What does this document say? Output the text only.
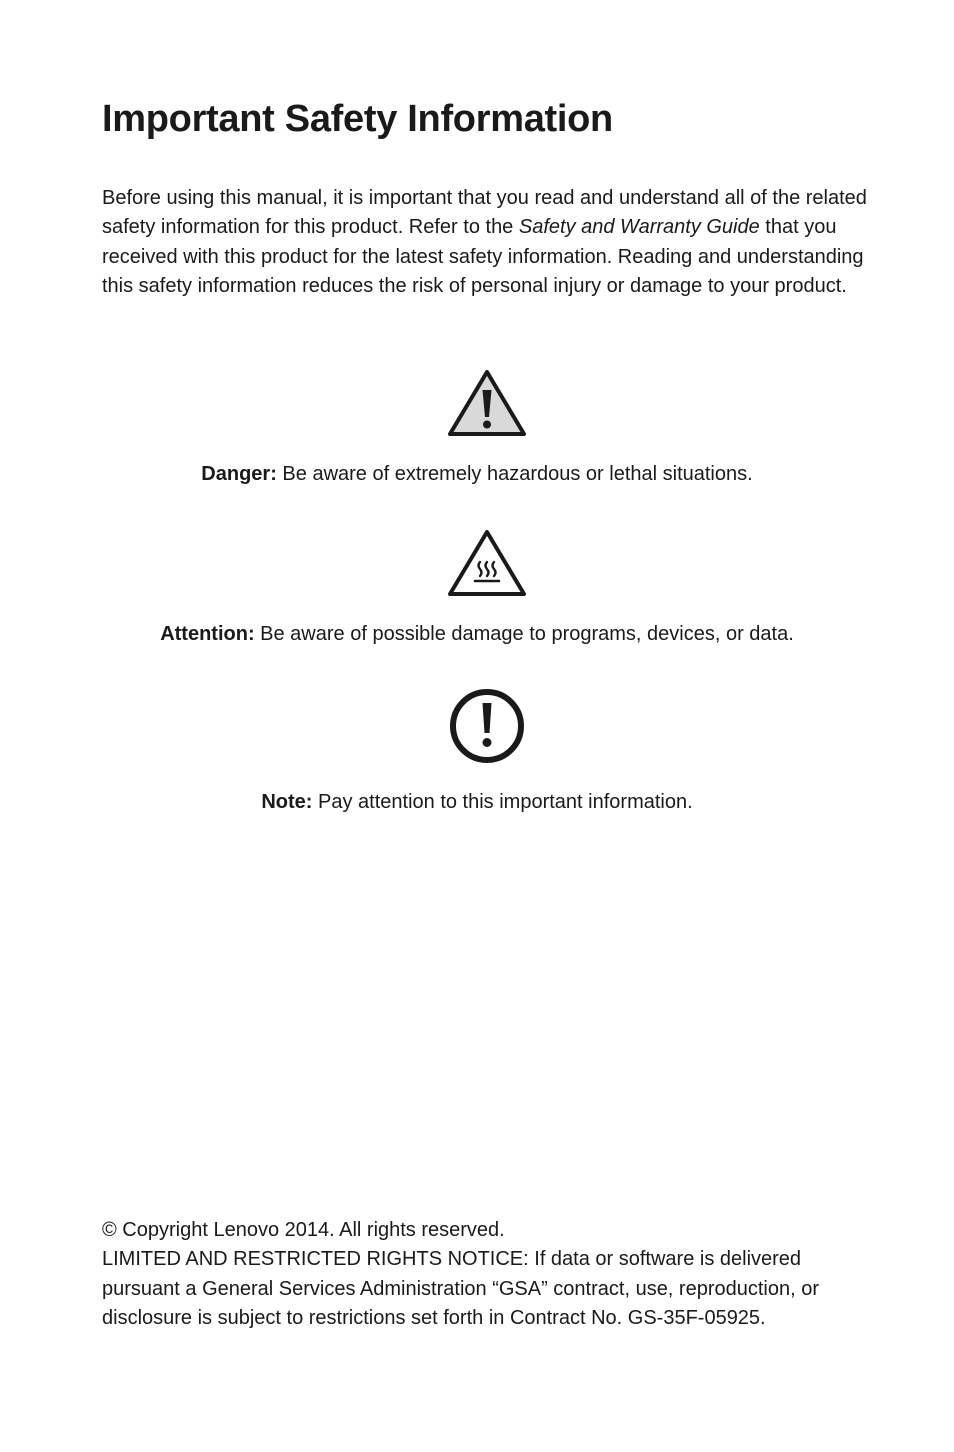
Important Safety Information

Before using this manual, it is important that you read and understand all of the related safety information for this product. Refer to the Safety and Warranty Guide that you received with this product for the latest safety information. Reading and understanding this safety information reduces the risk of personal injury or damage to your product.

Danger: Be aware of extremely hazardous or lethal situations.

Attention: Be aware of possible damage to programs, devices, or data.

Note: Pay attention to this important information.

© Copyright Lenovo 2014. All rights reserved.

LIMITED AND RESTRICTED RIGHTS NOTICE: If data or software is delivered pursuant a General Services Administration “GSA” contract, use, reproduction, or disclosure is subject to restrictions set forth in Contract No. GS-35F-05925.
